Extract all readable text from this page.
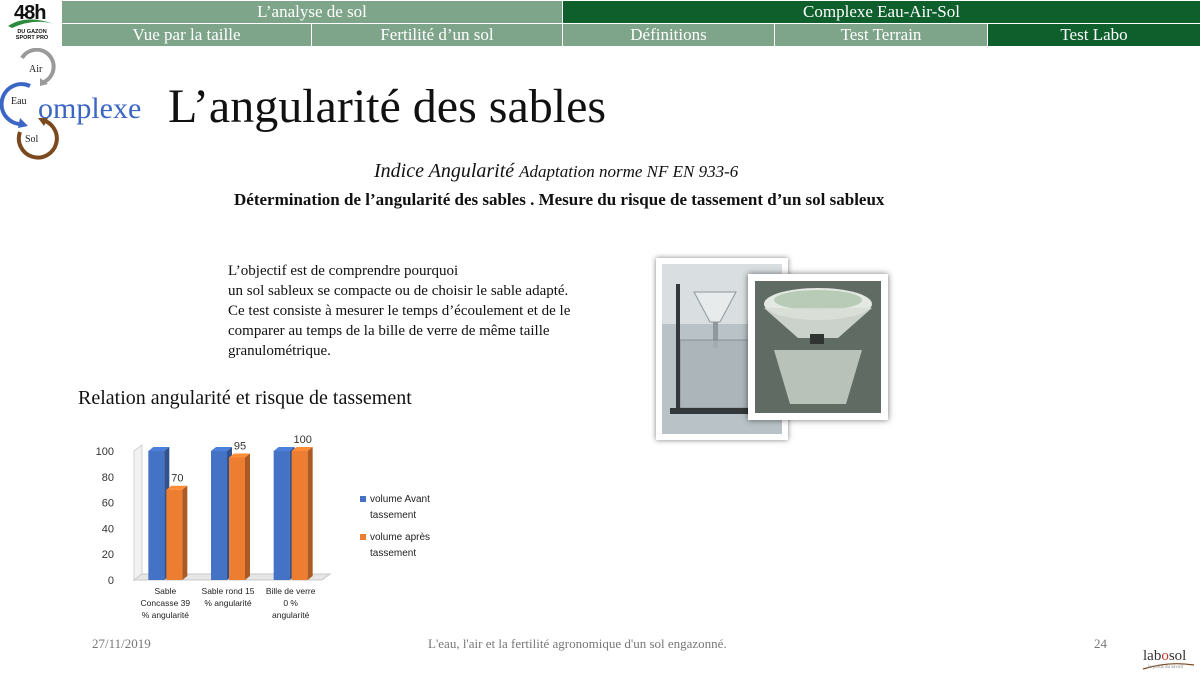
L’analyse de sol	Complexe Eau-Air-Sol
Vue par la taille	Fertilité d’un sol	Définitions	Test Terrain	Test Labo
48h
DU GAZON SPORT PRO
Air
Eau
Sol
omplexe L’angularité des sables
Indice Angularité Adaptation norme NF EN 933-6
Détermination de l’angularité des sables . Mesure du risque de tassement d’un sol sableux
L’objectif est de comprendre pourquoi
un sol sableux se compacte ou de choisir le sable adapté.
Ce test consiste à mesurer le temps d’écoulement et de le
comparer au temps de la bille de verre de même taille
granulométrique.
Relation angularité et risque de tassement
0
20
40
60
80
100
70
Sable
Concasse 39
% angularité
95
Sable rond 15
% angularité
100
Bille de verre
0 %
angularité
volume Avant
tassement
volume après
tassement
27/11/2019	L'eau, l'air et la fertilité agronomique d'un sol engazonné.	24
labosol
le poids du savoir
